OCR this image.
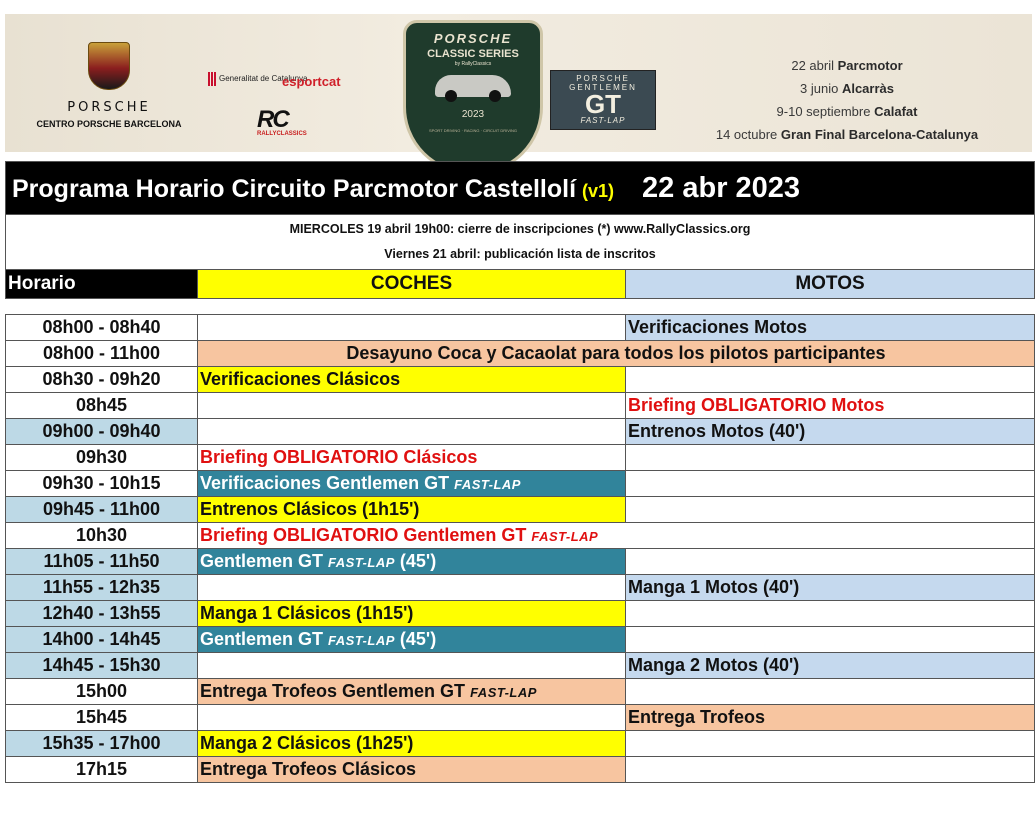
PORSCHE
CENTRO PORSCHE BARCELONA
Generalitat de Catalunya
esportcat
RC
RALLYCLASSICS
PORSCHE
CLASSIC SERIES
by RallyClassics
2023
SPORT DRIVING · RACING · CIRCUIT DRIVING
PORSCHE
GENTLEMEN
GT
FAST-LAP
22 abril Parcmotor
3 junio Alcarràs
9-10 septiembre Calafat
14 octubre Gran Final Barcelona-Catalunya
Programa Horario Circuito Parcmotor Castellolí (v1) 22 abr 2023		

MIERCOLES 19 abril 19h00: cierre de inscripciones (*) www.RallyClassics.org
Viernes 21 abril: publicación lista de inscritos		

Horario	COCHES	MOTOS

08h00 - 08h40		Verificaciones Motos
08h00 - 11h00	Desayuno Coca y Cacaolat para todos los pilotos participantes	
08h30 - 09h20	Verificaciones Clásicos	
08h45		Briefing OBLIGATORIO Motos
09h00 - 09h40		Entrenos Motos (40')
09h30	Briefing OBLIGATORIO Clásicos	
09h30 - 10h15	Verificaciones Gentlemen GT FAST-LAP	
09h45 - 11h00	Entrenos Clásicos (1h15')	
10h30	Briefing OBLIGATORIO Gentlemen GT FAST-LAP	
11h05 - 11h50	Gentlemen GT FAST-LAP (45')	
11h55 - 12h35		Manga 1 Motos (40')
12h40 - 13h55	Manga 1 Clásicos (1h15')	
14h00 - 14h45	Gentlemen GT FAST-LAP (45')	
14h45 - 15h30		Manga 2 Motos (40')
15h00	Entrega Trofeos Gentlemen GT FAST-LAP	
15h45		Entrega Trofeos
15h35 - 17h00	Manga 2 Clásicos (1h25')	
17h15	Entrega Trofeos Clásicos	
